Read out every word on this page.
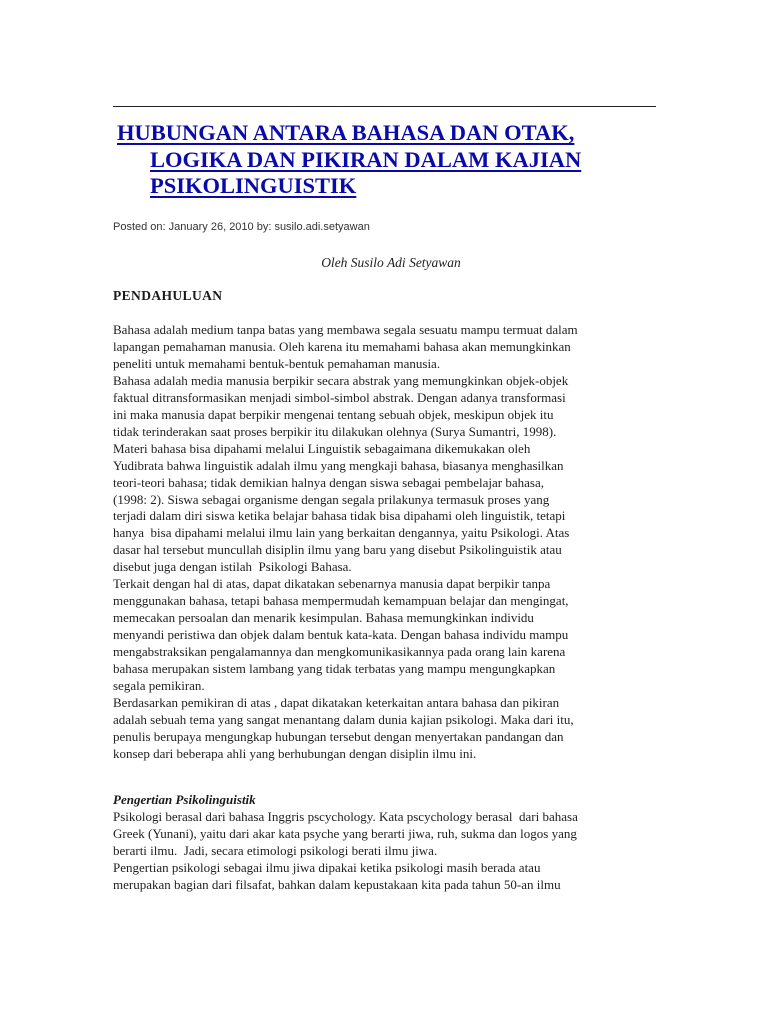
HUBUNGAN ANTARA BAHASA DAN OTAK,
LOGIKA DAN PIKIRAN DALAM KAJIAN
PSIKOLINGUISTIK
Posted on: January 26, 2010 by: susilo.adi.setyawan
Oleh Susilo Adi Setyawan
PENDAHULUAN
Bahasa adalah medium tanpa batas yang membawa segala sesuatu mampu termuat dalam
lapangan pemahaman manusia. Oleh karena itu memahami bahasa akan memungkinkan
peneliti untuk memahami bentuk-bentuk pemahaman manusia.
Bahasa adalah media manusia berpikir secara abstrak yang memungkinkan objek-objek
faktual ditransformasikan menjadi simbol-simbol abstrak. Dengan adanya transformasi
ini maka manusia dapat berpikir mengenai tentang sebuah objek, meskipun objek itu
tidak terinderakan saat proses berpikir itu dilakukan olehnya (Surya Sumantri, 1998).
Materi bahasa bisa dipahami melalui Linguistik sebagaimana dikemukakan oleh
Yudibrata bahwa linguistik adalah ilmu yang mengkaji bahasa, biasanya menghasilkan
teori-teori bahasa; tidak demikian halnya dengan siswa sebagai pembelajar bahasa,
(1998: 2). Siswa sebagai organisme dengan segala prilakunya termasuk proses yang
terjadi dalam diri siswa ketika belajar bahasa tidak bisa dipahami oleh linguistik, tetapi
hanya  bisa dipahami melalui ilmu lain yang berkaitan dengannya, yaitu Psikologi. Atas
dasar hal tersebut muncullah disiplin ilmu yang baru yang disebut Psikolinguistik atau
disebut juga dengan istilah  Psikologi Bahasa.
Terkait dengan hal di atas, dapat dikatakan sebenarnya manusia dapat berpikir tanpa
menggunakan bahasa, tetapi bahasa mempermudah kemampuan belajar dan mengingat,
memecakan persoalan dan menarik kesimpulan. Bahasa memungkinkan individu
menyandi peristiwa dan objek dalam bentuk kata-kata. Dengan bahasa individu mampu
mengabstraksikan pengalamannya dan mengkomunikasikannya pada orang lain karena
bahasa merupakan sistem lambang yang tidak terbatas yang mampu mengungkapkan
segala pemikiran.
Berdasarkan pemikiran di atas , dapat dikatakan keterkaitan antara bahasa dan pikiran
adalah sebuah tema yang sangat menantang dalam dunia kajian psikologi. Maka dari itu,
penulis berupaya mengungkap hubungan tersebut dengan menyertakan pandangan dan
konsep dari beberapa ahli yang berhubungan dengan disiplin ilmu ini.
Pengertian Psikolinguistik
Psikologi berasal dari bahasa Inggris pscychology. Kata pscychology berasal  dari bahasa
Greek (Yunani), yaitu dari akar kata psyche yang berarti jiwa, ruh, sukma dan logos yang
berarti ilmu.  Jadi, secara etimologi psikologi berati ilmu jiwa.
Pengertian psikologi sebagai ilmu jiwa dipakai ketika psikologi masih berada atau
merupakan bagian dari filsafat, bahkan dalam kepustakaan kita pada tahun 50-an ilmu
